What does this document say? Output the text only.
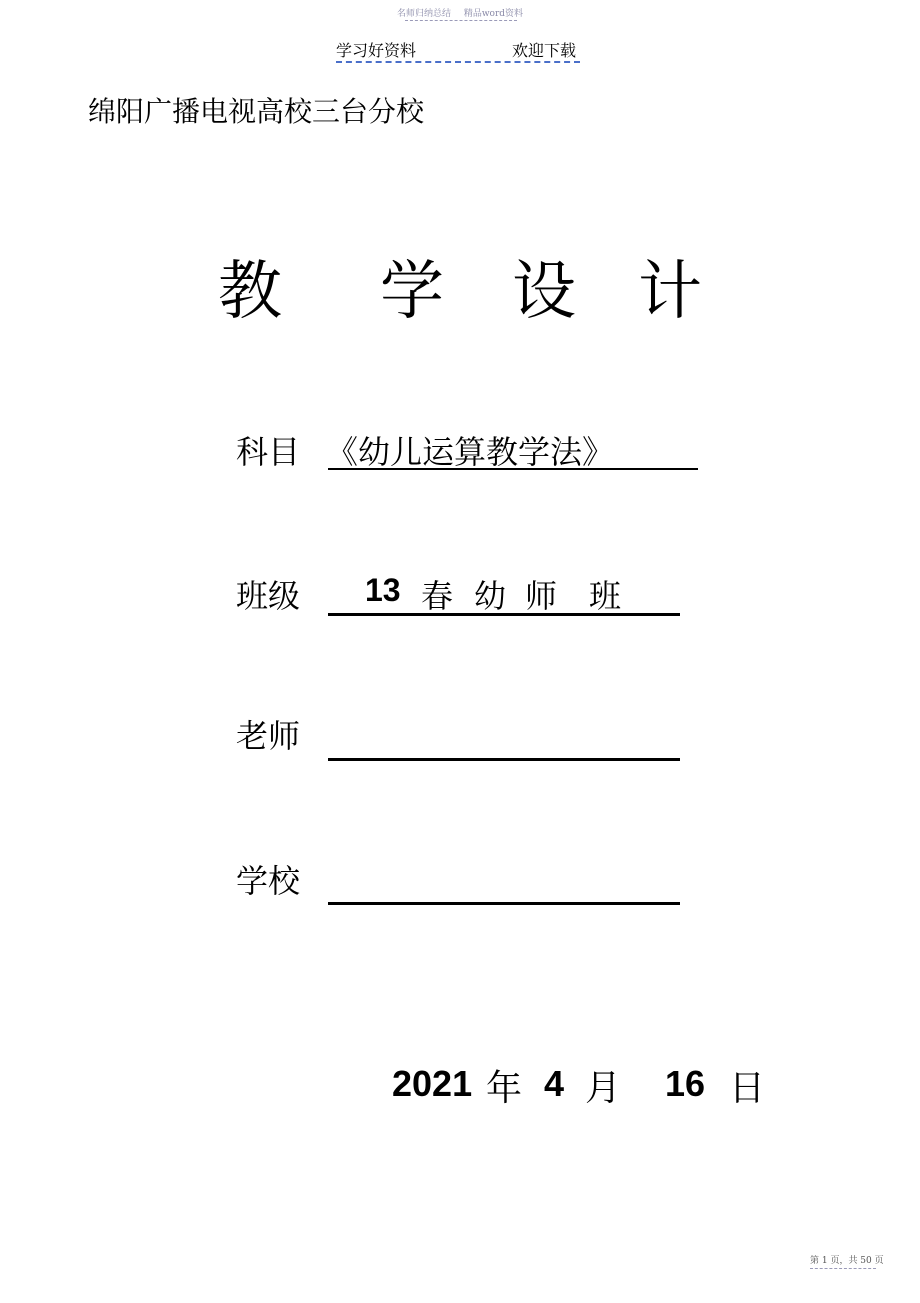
名师归纳总结 精品word资料
学习好资料	欢迎下载
绵阳广播电视高校三台分校
教 学 设 计
科目 《幼儿运算教学法》
班级 13 春 幼 师 班
老师
学校
2021 年 4 月 16 日
第 1 页，共 50 页
